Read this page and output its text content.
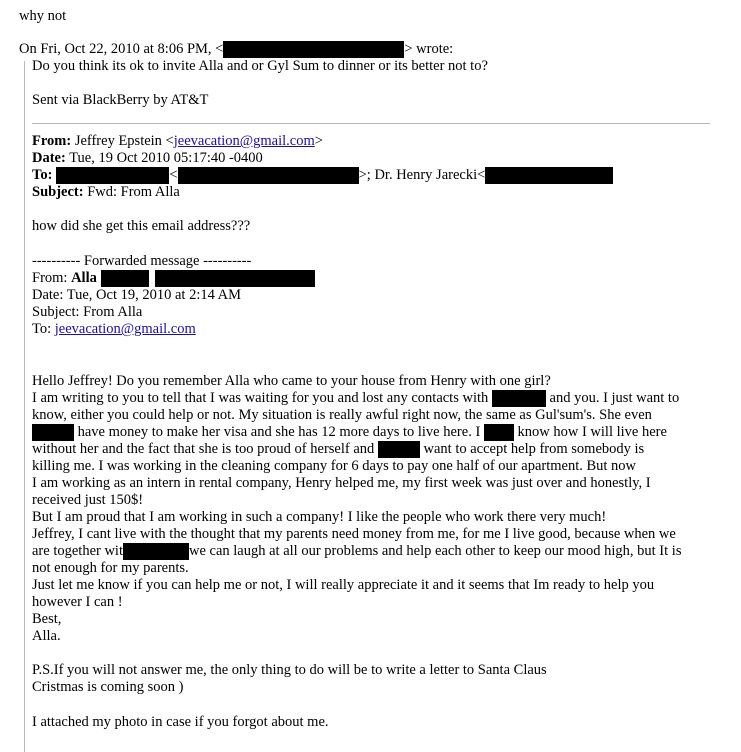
why not
On Fri, Oct 22, 2010 at 8:06 PM, <	> wrote:
Do you think its ok to invite Alla and or Gyl Sum to dinner or its better not to?
Sent via BlackBerry by AT&T
From: Jeffrey Epstein <jeevacation@gmail.com>
Date: Tue, 19 Oct 2010 05:17:40 -0400
To:	<	>; Dr. Henry Jarecki<
Subject: Fwd: From Alla
how did she get this email address???
---------- Forwarded message ----------
From: Alla
Date: Tue, Oct 19, 2010 at 2:14 AM
Subject: From Alla
To: jeevacation@gmail.com
Hello Jeffrey! Do you remember Alla who came to your house from Henry with one girl?
I am writing to you to tell that I was waiting for you and lost any contacts with	and you. I just want to
know, either you could help or not. My situation is really awful right now, the same as Gul'sum's. She even
have money to make her visa and she has 12 more days to live here. I	know how I will live here
without her and the fact that she is too proud of herself and	want to accept help from somebody is
killing me. I was working in the cleaning company for 6 days to pay one half of our apartment. But now
I am working as an intern in rental company, Henry helped me, my first week was just over and honestly, I
received just 150$!
But I am proud that I am working in such a company! I like the people who work there very much!
Jeffrey, I cant live with the thought that my parents need money from me, for me I live good, because when we
are together wit	we can laugh at all our problems and help each other to keep our mood high, but It is
not enough for my parents.
Just let me know if you can help me or not, I will really appreciate it and it seems that Im ready to help you
however I can !
Best,
Alla.
P.S.If you will not answer me, the only thing to do will be to write a letter to Santa Claus
Cristmas is coming soon )
I attached my photo in case if you forgot about me.
